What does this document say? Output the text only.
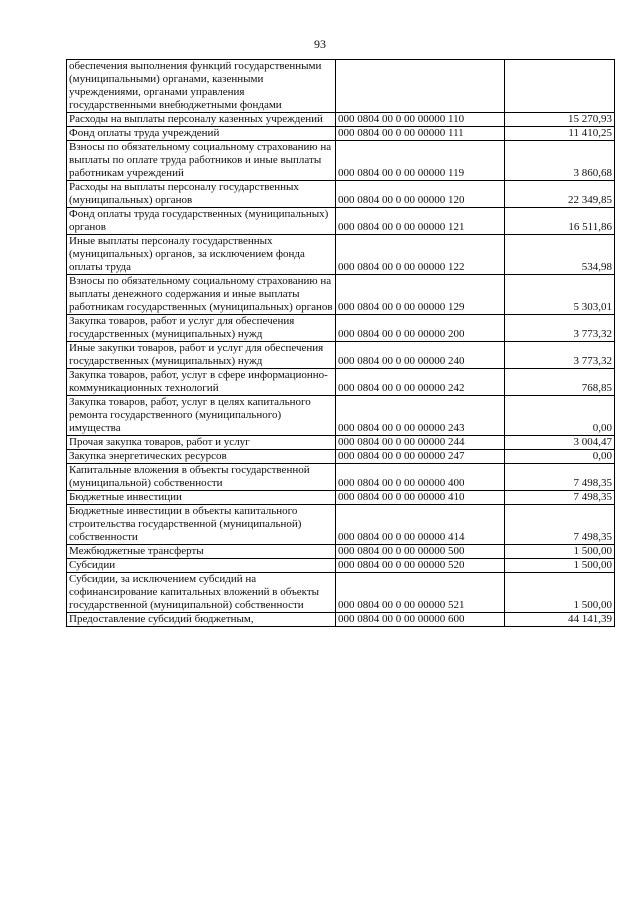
93
обеспечения выполнения функций государственными (муниципальными) органами, казенными учреждениями, органами управления государственными внебюджетными фондами		
Расходы на выплаты персоналу казенных учреждений	000 0804 00 0 00 00000 110	15 270,93
Фонд оплаты труда учреждений	000 0804 00 0 00 00000 111	11 410,25
Взносы по обязательному социальному страхованию на выплаты по оплате труда работников и иные выплаты работникам учреждений	000 0804 00 0 00 00000 119	3 860,68
Расходы на выплаты персоналу государственных (муниципальных) органов	000 0804 00 0 00 00000 120	22 349,85
Фонд оплаты труда государственных (муниципальных) органов	000 0804 00 0 00 00000 121	16 511,86
Иные выплаты персоналу государственных (муниципальных) органов, за исключением фонда оплаты труда	000 0804 00 0 00 00000 122	534,98
Взносы по обязательному социальному страхованию на выплаты денежного содержания и иные выплаты работникам государственных (муниципальных) органов	000 0804 00 0 00 00000 129	5 303,01
Закупка товаров, работ и услуг для обеспечения государственных (муниципальных) нужд	000 0804 00 0 00 00000 200	3 773,32
Иные закупки товаров, работ и услуг для обеспечения государственных (муниципальных) нужд	000 0804 00 0 00 00000 240	3 773,32
Закупка товаров, работ, услуг в сфере информационно-коммуникационных технологий	000 0804 00 0 00 00000 242	768,85
Закупка товаров, работ, услуг в целях капитального ремонта государственного (муниципального) имущества	000 0804 00 0 00 00000 243	0,00
Прочая закупка товаров, работ и услуг	000 0804 00 0 00 00000 244	3 004,47
Закупка энергетических ресурсов	000 0804 00 0 00 00000 247	0,00
Капитальные вложения в объекты государственной (муниципальной) собственности	000 0804 00 0 00 00000 400	7 498,35
Бюджетные инвестиции	000 0804 00 0 00 00000 410	7 498,35
Бюджетные инвестиции в объекты капитального строительства государственной (муниципальной) собственности	000 0804 00 0 00 00000 414	7 498,35
Межбюджетные трансферты	000 0804 00 0 00 00000 500	1 500,00
Субсидии	000 0804 00 0 00 00000 520	1 500,00
Субсидии, за исключением субсидий на софинансирование капитальных вложений в объекты государственной (муниципальной) собственности	000 0804 00 0 00 00000 521	1 500,00
Предоставление субсидий бюджетным,	000 0804 00 0 00 00000 600	44 141,39
